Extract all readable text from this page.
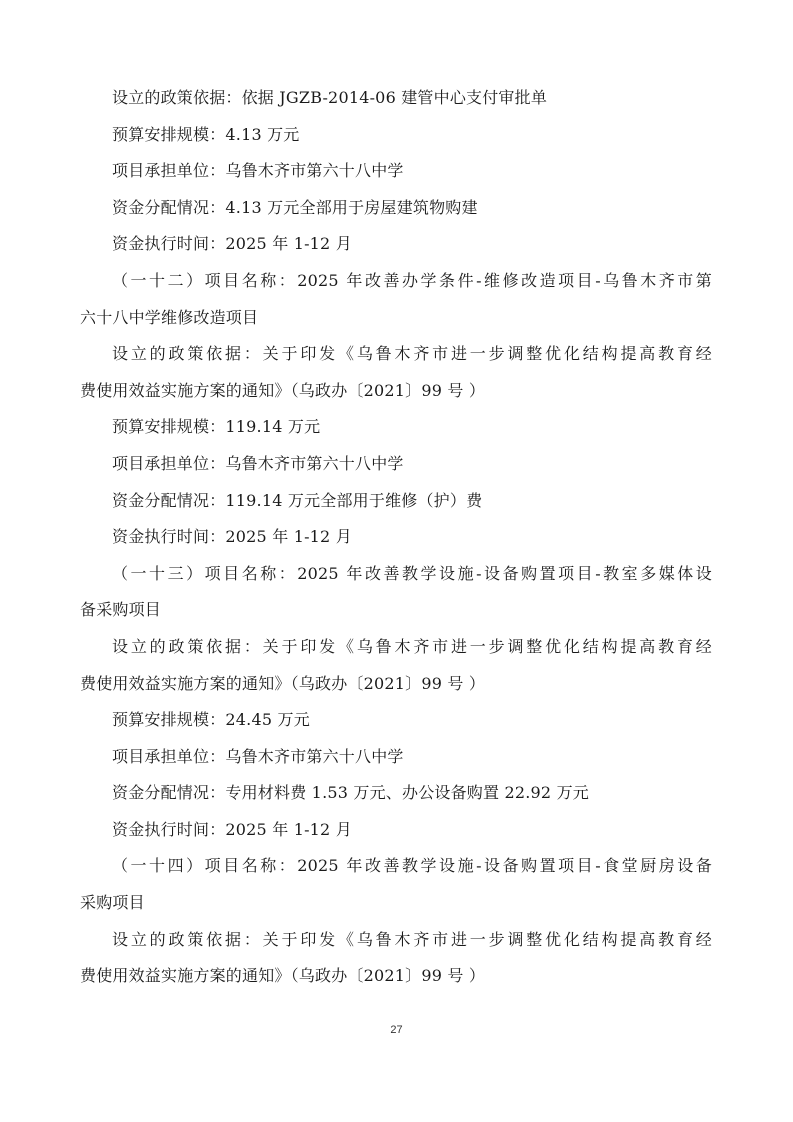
设立的政策依据：依据 JGZB-2014-06 建管中心支付审批单
预算安排规模：4.13 万元
项目承担单位：乌鲁木齐市第六十八中学
资金分配情况：4.13 万元全部用于房屋建筑物购建
资金执行时间：2025 年 1-12 月
（一十二）项目名称：2025 年改善办学条件-维修改造项目-乌鲁木齐市第
六十八中学维修改造项目
设立的政策依据：关于印发《乌鲁木齐市进一步调整优化结构提高教育经
费使用效益实施方案的通知》（乌政办〔2021〕99 号 ）
预算安排规模：119.14 万元
项目承担单位：乌鲁木齐市第六十八中学
资金分配情况：119.14 万元全部用于维修（护）费
资金执行时间：2025 年 1-12 月
（一十三）项目名称：2025 年改善教学设施-设备购置项目-教室多媒体设
备采购项目
设立的政策依据：关于印发《乌鲁木齐市进一步调整优化结构提高教育经
费使用效益实施方案的通知》（乌政办〔2021〕99 号 ）
预算安排规模：24.45 万元
项目承担单位：乌鲁木齐市第六十八中学
资金分配情况：专用材料费 1.53 万元、办公设备购置 22.92 万元
资金执行时间：2025 年 1-12 月
（一十四）项目名称：2025 年改善教学设施-设备购置项目-食堂厨房设备
采购项目
设立的政策依据：关于印发《乌鲁木齐市进一步调整优化结构提高教育经
费使用效益实施方案的通知》（乌政办〔2021〕99 号 ）
27
